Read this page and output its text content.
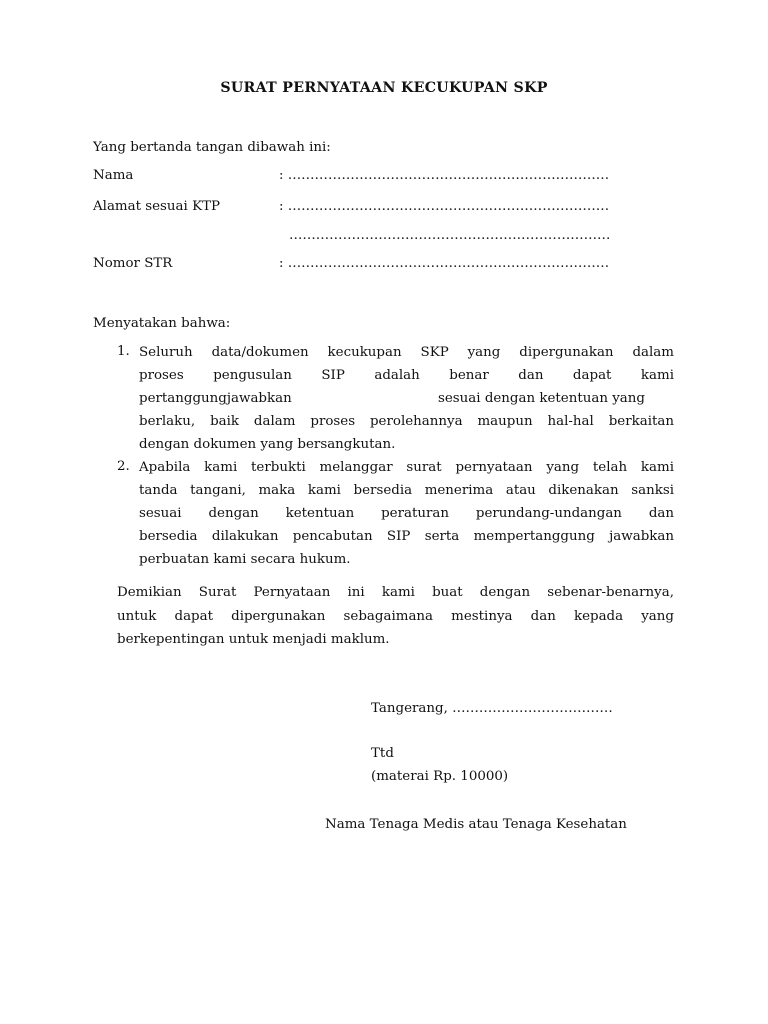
SURAT PERNYATAAN KECUKUPAN SKP
Yang bertanda tangan dibawah ini:
Nama	: ………………………………………………………………
Alamat sesuai KTP	: ………………………………………………………………
………………………………………………………………
Nomor STR	: ………………………………………………………………
Menyatakan bahwa:
1. Seluruh data/dokumen kecukupan SKP yang dipergunakan dalam
proses pengusulan SIP adalah benar dan dapat kami
pertanggungjawabkan	sesuai dengan ketentuan yang
berlaku, baik dalam proses perolehannya maupun hal-hal berkaitan
dengan dokumen yang bersangkutan.
2. Apabila kami terbukti melanggar surat pernyataan yang telah kami
tanda tangani, maka kami bersedia menerima atau dikenakan sanksi
sesuai dengan ketentuan peraturan perundang-undangan dan
bersedia dilakukan pencabutan SIP serta mempertanggung jawabkan
perbuatan kami secara hukum.
Demikian Surat Pernyataan ini kami buat dengan sebenar-benarnya,
untuk dapat dipergunakan sebagaimana mestinya dan kepada yang
berkepentingan untuk menjadi maklum.
Tangerang, ………………………………
Ttd
(materai Rp. 10000)
Nama Tenaga Medis atau Tenaga Kesehatan
